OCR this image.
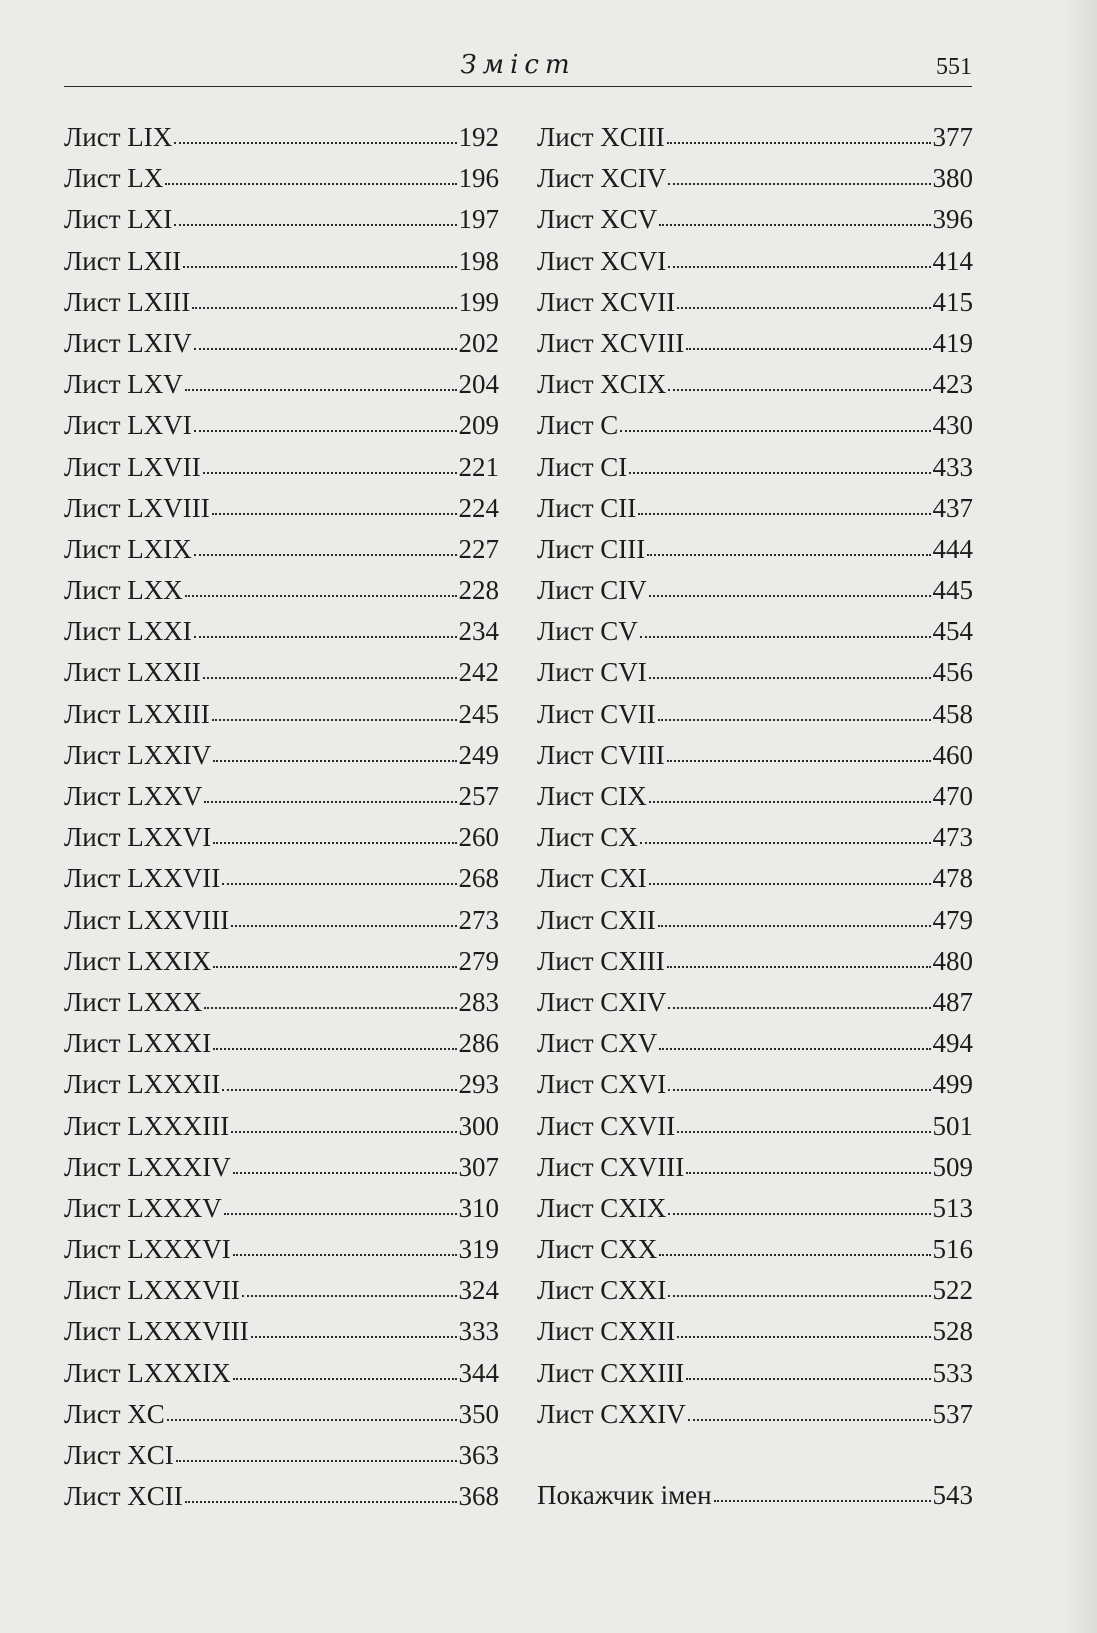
Зміст	551
Лист LIX	192
Лист LX	196
Лист LXI	197
Лист LXII	198
Лист LXIII	199
Лист LXIV	202
Лист LXV	204
Лист LXVI	209
Лист LXVII	221
Лист LXVIII	224
Лист LXIX	227
Лист LXX	228
Лист LXXI	234
Лист LXXII	242
Лист LXXIII	245
Лист LXXIV	249
Лист LXXV	257
Лист LXXVI	260
Лист LXXVII	268
Лист LXXVIII	273
Лист LXXIX	279
Лист LXXX	283
Лист LXXXI	286
Лист LXXXII	293
Лист LXXXIII	300
Лист LXXXIV	307
Лист LXXXV	310
Лист LXXXVI	319
Лист LXXXVII	324
Лист LXXXVIII	333
Лист LXXXIX	344
Лист XC	350
Лист XCI	363
Лист XCII	368
Лист XCIII	377
Лист XCIV	380
Лист XCV	396
Лист XCVI	414
Лист XCVII	415
Лист XCVIII	419
Лист XCIX	423
Лист C	430
Лист CI	433
Лист CII	437
Лист CIII	444
Лист CIV	445
Лист CV	454
Лист CVI	456
Лист CVII	458
Лист CVIII	460
Лист CIX	470
Лист CX	473
Лист CXI	478
Лист CXII	479
Лист CXIII	480
Лист CXIV	487
Лист CXV	494
Лист CXVI	499
Лист CXVII	501
Лист CXVIII	509
Лист CXIX	513
Лист CXX	516
Лист CXXI	522
Лист CXXII	528
Лист CXXIII	533
Лист CXXIV	537
Покажчик імен	543
